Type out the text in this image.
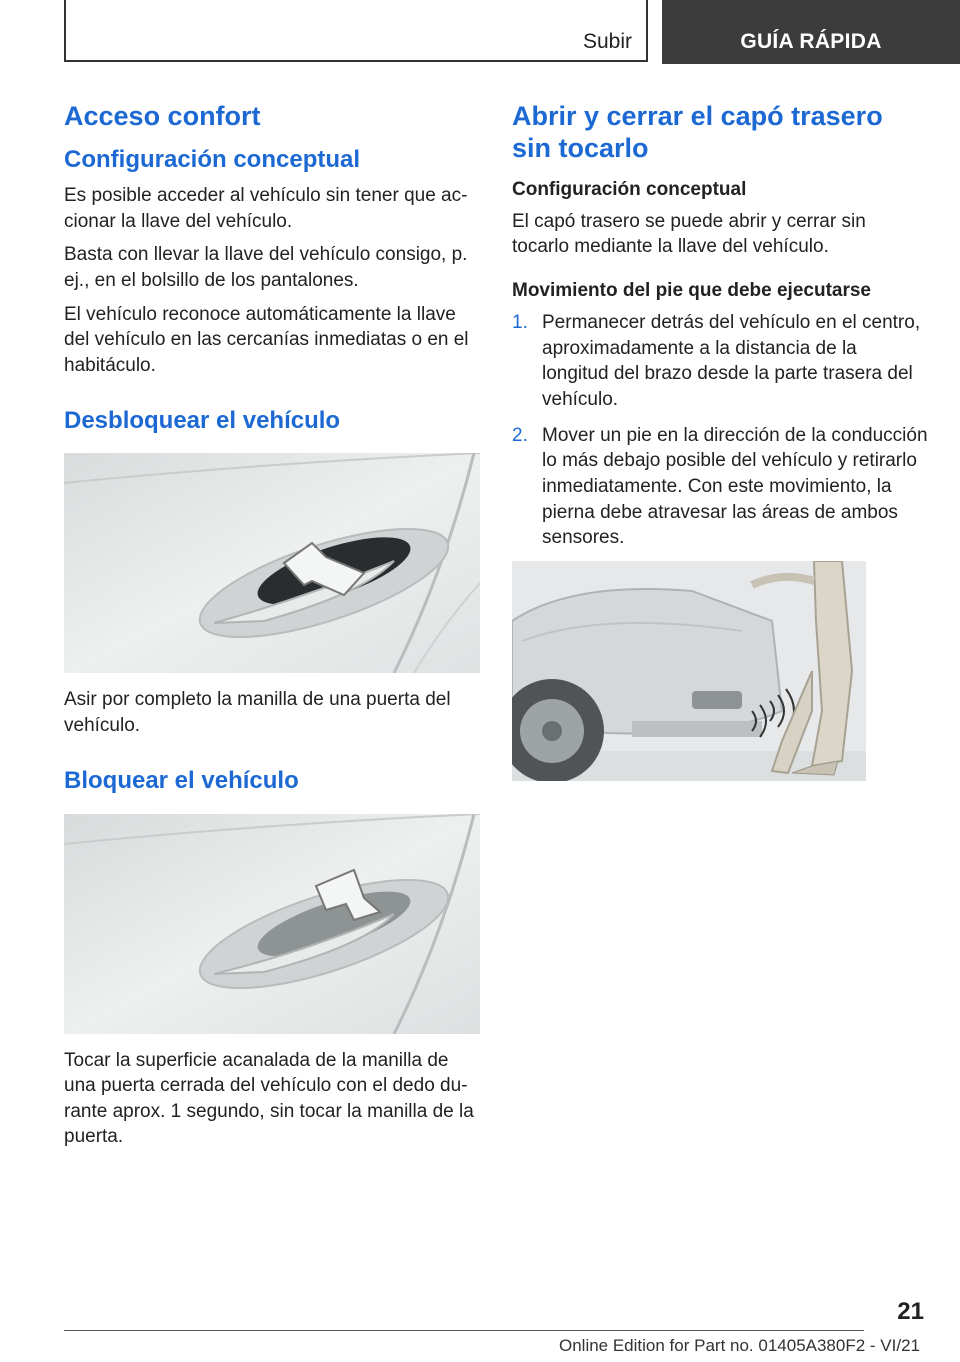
Subir	GUÍA RÁPIDA
Acceso confort
Configuración conceptual

Es posible acceder al vehículo sin tener que accionar la llave del vehículo.

Basta con llevar la llave del vehículo consigo, p. ej., en el bolsillo de los pantalones.

El vehículo reconoce automáticamente la llave del vehículo en las cercanías inmediatas o en el habitáculo.

Desbloquear el vehículo

Asir por completo la manilla de una puerta del vehículo.

Bloquear el vehículo

Tocar la superficie acanalada de la manilla de una puerta cerrada del vehículo con el dedo durante aprox. 1 segundo, sin tocar la manilla de la puerta.

Abrir y cerrar el capó trasero sin tocarlo
Configuración conceptual

El capó trasero se puede abrir y cerrar sin tocarlo mediante la llave del vehículo.

Movimiento del pie que debe ejecutarse
1. Permanecer detrás del vehículo en el centro, aproximadamente a la distancia de la longitud del brazo desde la parte trasera del vehículo.
2. Mover un pie en la dirección de la conducción lo más debajo posible del vehículo y retirarlo inmediatamente. Con este movimiento, la pierna debe atravesar las áreas de ambos sensores.
21
Online Edition for Part no. 01405A380F2 - VI/21
